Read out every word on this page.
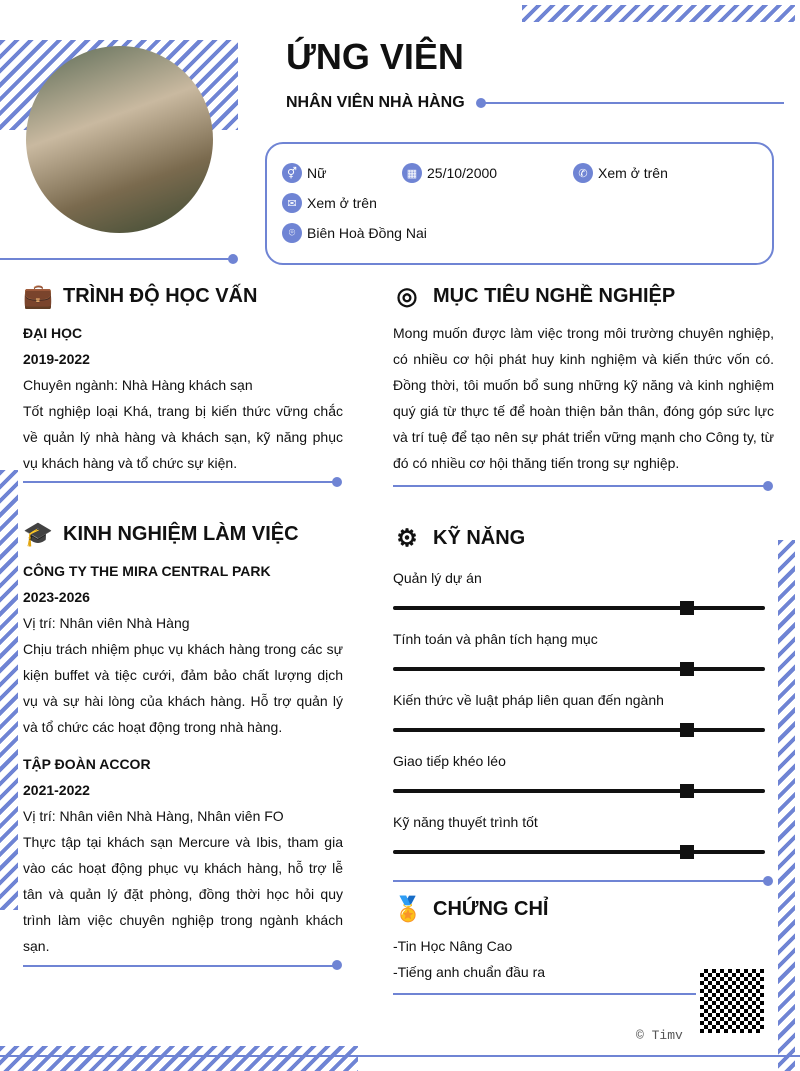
ỨNG VIÊN
NHÂN VIÊN NHÀ HÀNG
⚥ Nữ	▦ 25/10/2000	✆ Xem ở trên
✉ Xem ở trên
⌾ Biên Hoà Đồng Nai
💼 TRÌNH ĐỘ HỌC VẤN
ĐẠI HỌC
2019-2022
Chuyên ngành: Nhà Hàng khách sạn
Tốt nghiệp loại Khá, trang bị kiến thức vững chắc về quản lý nhà hàng và khách sạn, kỹ năng phục vụ khách hàng và tổ chức sự kiện.
🎓 KINH NGHIỆM LÀM VIỆC
CÔNG TY THE MIRA CENTRAL PARK
2023-2026
Vị trí: Nhân viên Nhà Hàng
Chịu trách nhiệm phục vụ khách hàng trong các sự kiện buffet và tiệc cưới, đảm bảo chất lượng dịch vụ và sự hài lòng của khách hàng. Hỗ trợ quản lý và tổ chức các hoạt động trong nhà hàng.
TẬP ĐOÀN ACCOR
2021-2022
Vị trí: Nhân viên Nhà Hàng, Nhân viên FO
Thực tập tại khách sạn Mercure và Ibis, tham gia vào các hoạt động phục vụ khách hàng, hỗ trợ lễ tân và quản lý đặt phòng, đồng thời học hỏi quy trình làm việc chuyên nghiệp trong ngành khách sạn.
◎ MỤC TIÊU NGHỀ NGHIỆP
Mong muốn được làm việc trong môi trường chuyên nghiệp, có nhiều cơ hội phát huy kinh nghiệm và kiến thức vốn có. Đồng thời, tôi muốn bổ sung những kỹ năng và kinh nghiệm quý giá từ thực tế để hoàn thiện bản thân, đóng góp sức lực và trí tuệ để tạo nên sự phát triển vững mạnh cho Công ty, từ đó có nhiều cơ hội thăng tiến trong sự nghiệp.
⚙ KỸ NĂNG
Quản lý dự án
Tính toán và phân tích hạng mục
Kiến thức về luật pháp liên quan đến ngành
Giao tiếp khéo léo
Kỹ năng thuyết trình tốt
🏅 CHỨNG CHỈ
-Tin Học Nâng Cao
-Tiếng anh chuẩn đầu ra
© Timv
